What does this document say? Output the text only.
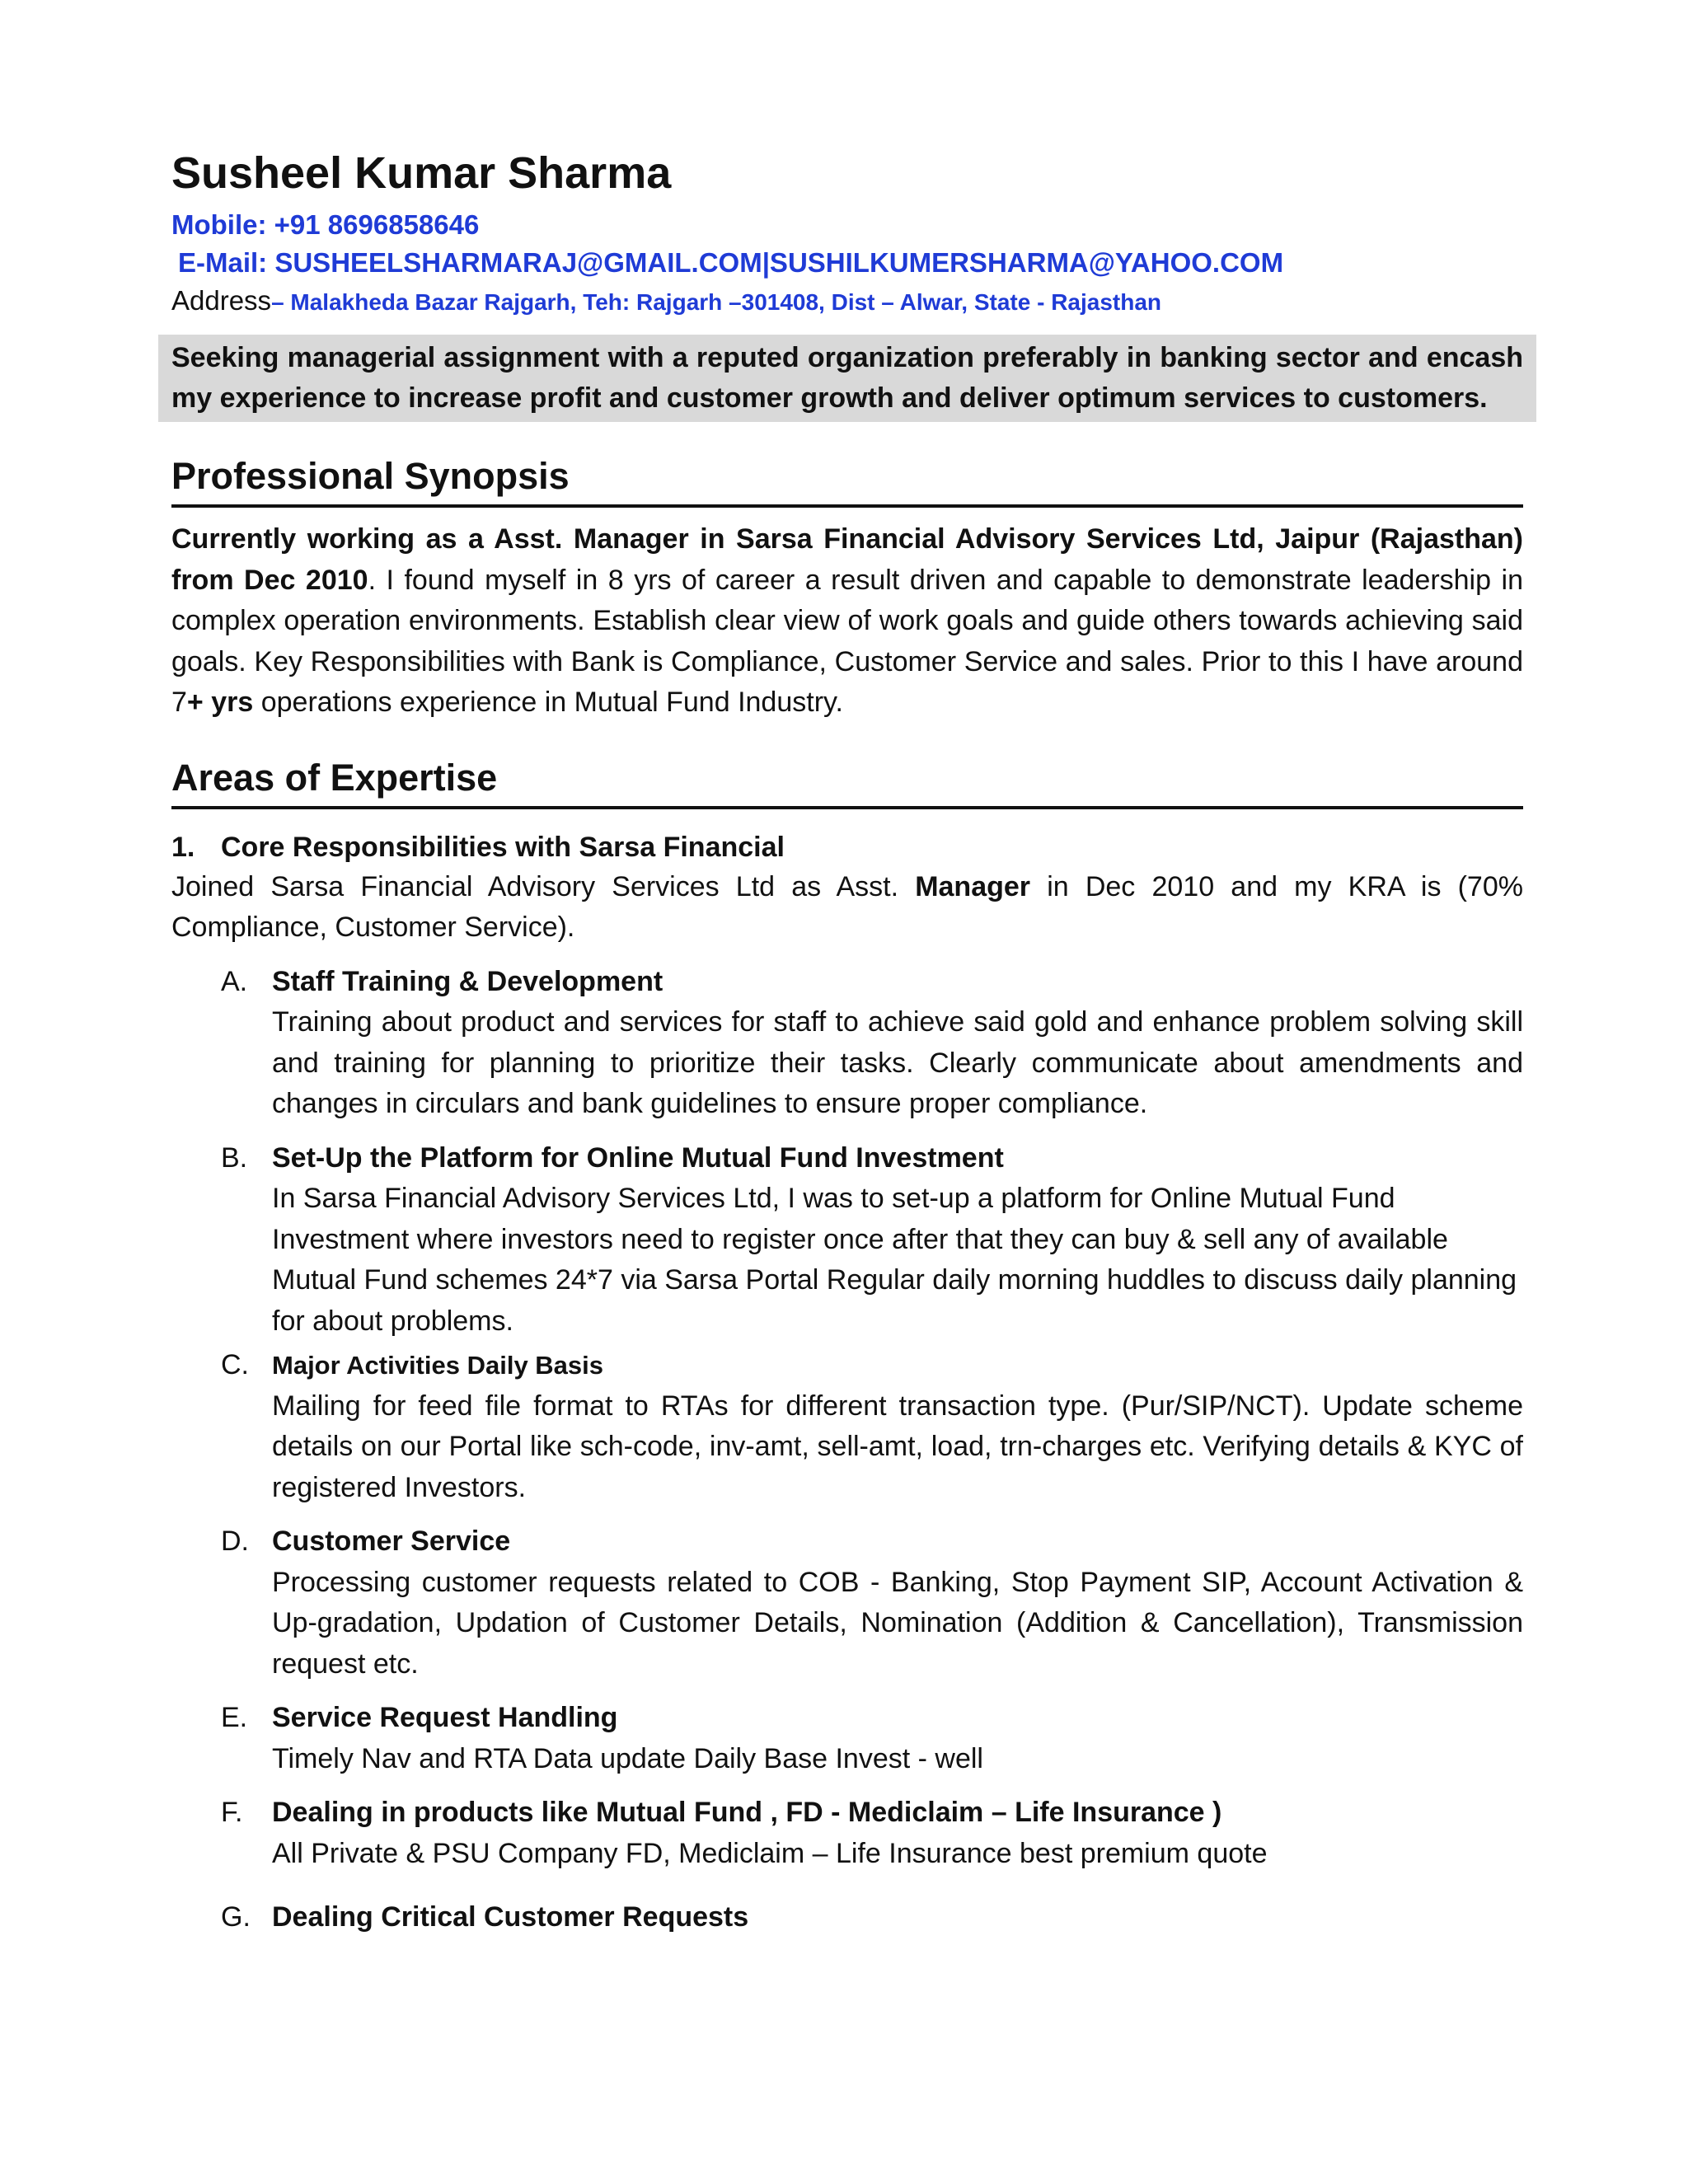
Susheel Kumar Sharma
Mobile: +91 8696858646
E-Mail: SUSHEELSHARMARAJ@GMAIL.COM|SUSHILKUMERSHARMA@YAHOO.COM
Address– Malakheda Bazar Rajgarh, Teh: Rajgarh –301408, Dist – Alwar, State - Rajasthan
Seeking managerial assignment with a reputed organization preferably in banking sector and encash my experience to increase profit and customer growth and deliver optimum services to customers.
Professional Synopsis
Currently working as a Asst. Manager in Sarsa Financial Advisory Services Ltd, Jaipur (Rajasthan) from Dec 2010. I found myself in 8 yrs of career a result driven and capable to demonstrate leadership in complex operation environments. Establish clear view of work goals and guide others towards achieving said goals. Key Responsibilities with Bank is Compliance, Customer Service and sales. Prior to this I have around 7+ yrs operations experience in Mutual Fund Industry.
Areas of Expertise
1. Core Responsibilities with Sarsa Financial
Joined Sarsa Financial Advisory Services Ltd as Asst. Manager in Dec 2010 and my KRA is (70% Compliance, Customer Service).
A. Staff Training & Development
Training about product and services for staff to achieve said gold and enhance problem solving skill and training for planning to prioritize their tasks. Clearly communicate about amendments and changes in circulars and bank guidelines to ensure proper compliance.
B. Set-Up the Platform for Online Mutual Fund Investment
In Sarsa Financial Advisory Services Ltd, I was to set-up a platform for Online Mutual Fund Investment where investors need to register once after that they can buy & sell any of available Mutual Fund schemes 24*7 via Sarsa Portal Regular daily morning huddles to discuss daily planning for about problems.
C. Major Activities Daily Basis
Mailing for feed file format to RTAs for different transaction type. (Pur/SIP/NCT). Update scheme details on our Portal like sch-code, inv-amt, sell-amt, load, trn-charges etc. Verifying details & KYC of registered Investors.
D. Customer Service
Processing customer requests related to COB - Banking, Stop Payment SIP, Account Activation & Up-gradation, Updation of Customer Details, Nomination (Addition & Cancellation), Transmission request etc.
E. Service Request Handling
Timely Nav and RTA Data update Daily Base Invest - well
F. Dealing in products like Mutual Fund , FD - Mediclaim – Life Insurance )
All Private & PSU Company FD, Mediclaim – Life Insurance best premium quote
G. Dealing Critical Customer Requests
